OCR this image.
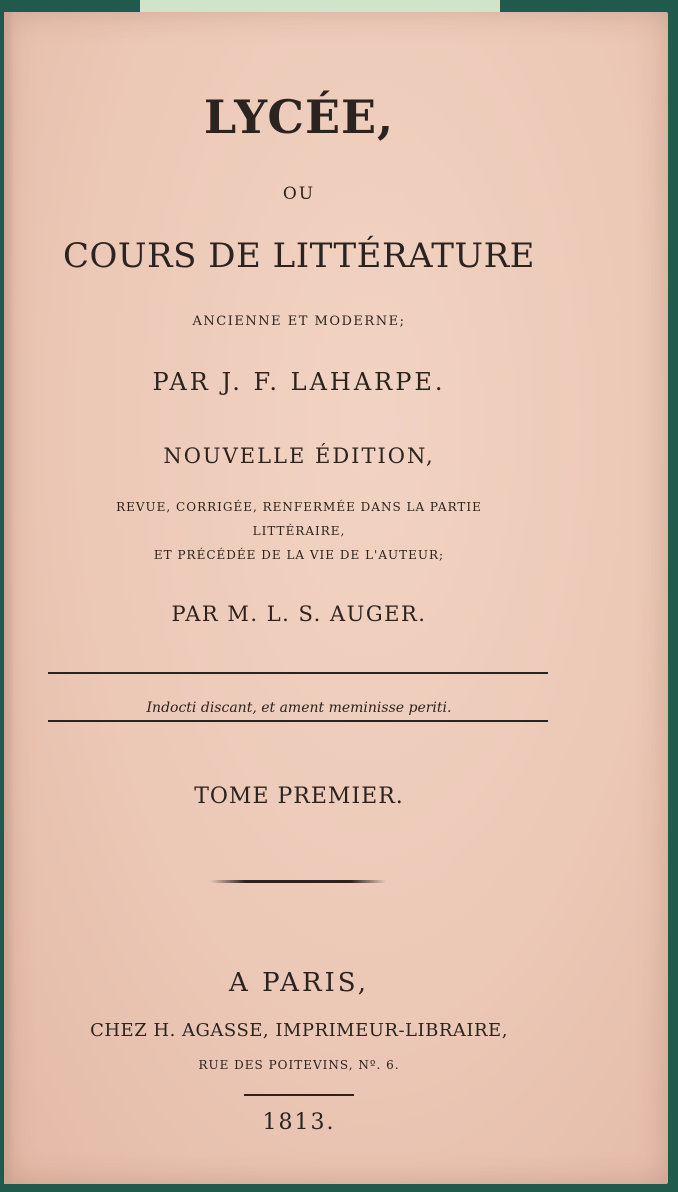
LYCÉE,
OU
COURS DE LITTÉRATURE
ANCIENNE ET MODERNE;
PAR J. F. LAHARPE.
NOUVELLE ÉDITION,
REVUE, CORRIGÉE, RENFERMÉE DANS LA PARTIE
LITTÉRAIRE,
ET PRÉCÉDÉE DE LA VIE DE L'AUTEUR;
PAR M. L. S. AUGER.
Indocti discant, et ament meminisse periti.
TOME PREMIER.
A PARIS,
CHEZ H. AGASSE, IMPRIMEUR-LIBRAIRE,
RUE DES POITEVINS, Nº. 6.
1813.
